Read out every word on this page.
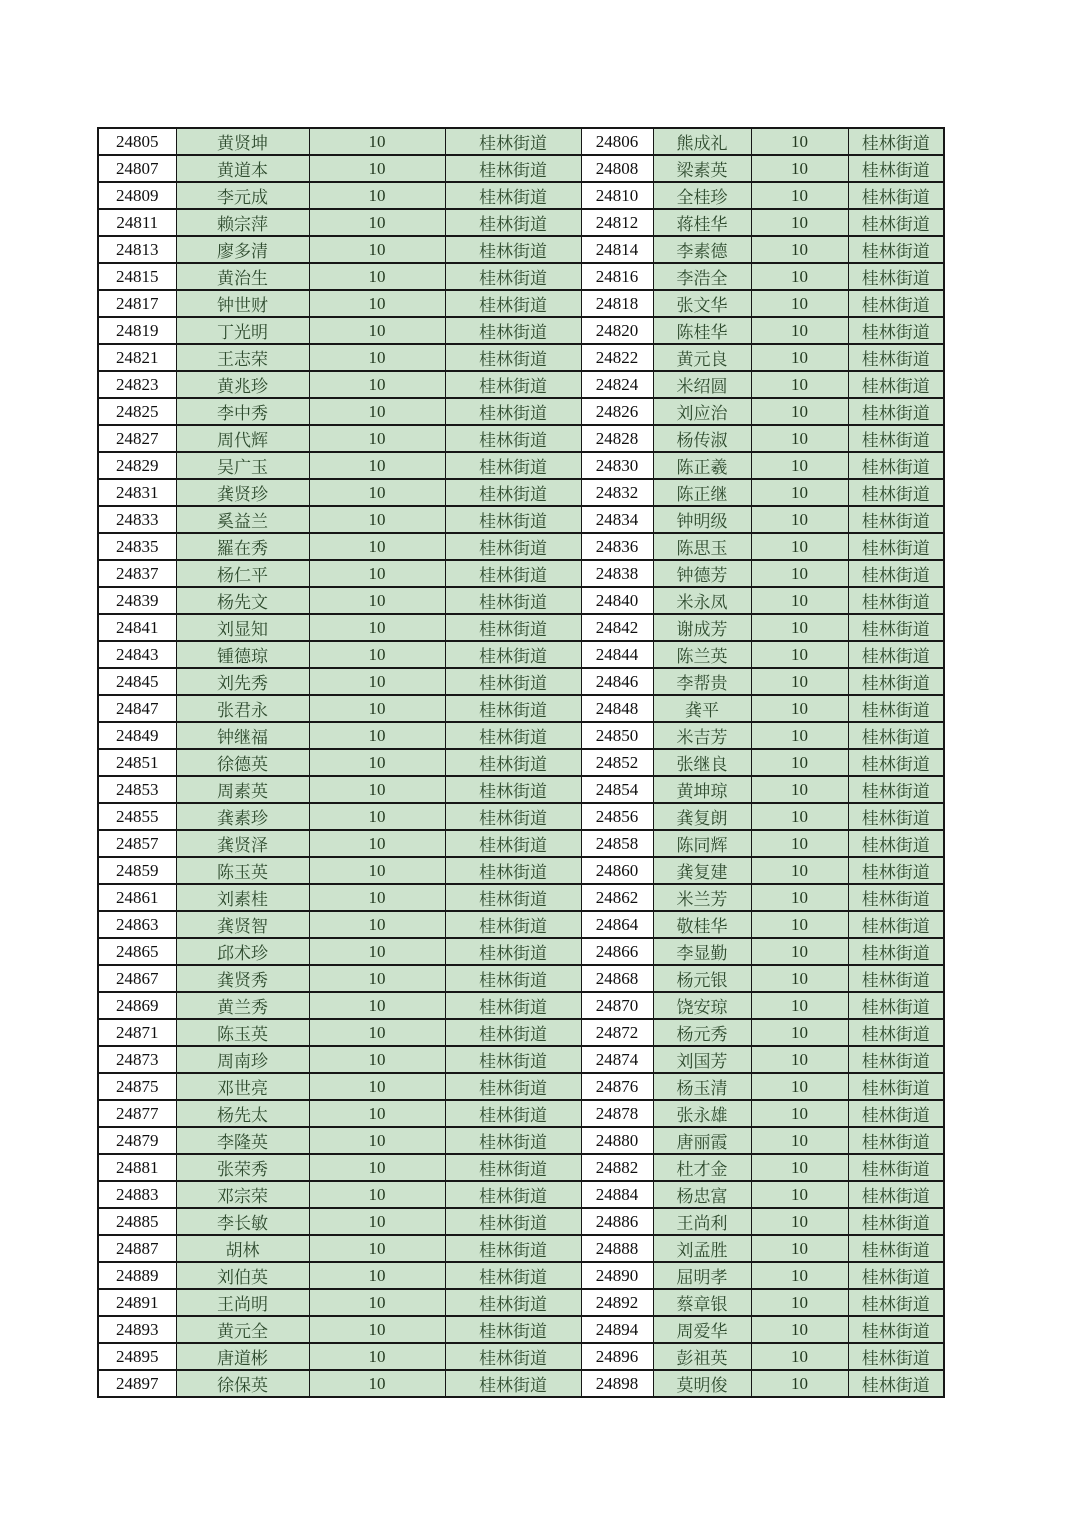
24805	黄贤坤	10	桂林街道	24806	熊成礼	10	桂林街道
24807	黄道本	10	桂林街道	24808	梁素英	10	桂林街道
24809	李元成	10	桂林街道	24810	全桂珍	10	桂林街道
24811	赖宗萍	10	桂林街道	24812	蒋桂华	10	桂林街道
24813	廖多清	10	桂林街道	24814	李素德	10	桂林街道
24815	黄治生	10	桂林街道	24816	李浩全	10	桂林街道
24817	钟世财	10	桂林街道	24818	张文华	10	桂林街道
24819	丁光明	10	桂林街道	24820	陈桂华	10	桂林街道
24821	王志荣	10	桂林街道	24822	黄元良	10	桂林街道
24823	黄兆珍	10	桂林街道	24824	米绍圆	10	桂林街道
24825	李中秀	10	桂林街道	24826	刘应治	10	桂林街道
24827	周代辉	10	桂林街道	24828	杨传淑	10	桂林街道
24829	吴广玉	10	桂林街道	24830	陈正羲	10	桂林街道
24831	龚贤珍	10	桂林街道	24832	陈正继	10	桂林街道
24833	奚益兰	10	桂林街道	24834	钟明级	10	桂林街道
24835	羅在秀	10	桂林街道	24836	陈思玉	10	桂林街道
24837	杨仁平	10	桂林街道	24838	钟德芳	10	桂林街道
24839	杨先文	10	桂林街道	24840	米永凤	10	桂林街道
24841	刘显知	10	桂林街道	24842	谢成芳	10	桂林街道
24843	锺德琼	10	桂林街道	24844	陈兰英	10	桂林街道
24845	刘先秀	10	桂林街道	24846	李帮贵	10	桂林街道
24847	张君永	10	桂林街道	24848	龚平	10	桂林街道
24849	钟继福	10	桂林街道	24850	米吉芳	10	桂林街道
24851	徐德英	10	桂林街道	24852	张继良	10	桂林街道
24853	周素英	10	桂林街道	24854	黄坤琼	10	桂林街道
24855	龚素珍	10	桂林街道	24856	龚复朗	10	桂林街道
24857	龚贤泽	10	桂林街道	24858	陈同辉	10	桂林街道
24859	陈玉英	10	桂林街道	24860	龚复建	10	桂林街道
24861	刘素桂	10	桂林街道	24862	米兰芳	10	桂林街道
24863	龚贤智	10	桂林街道	24864	敬桂华	10	桂林街道
24865	邱术珍	10	桂林街道	24866	李显勤	10	桂林街道
24867	龚贤秀	10	桂林街道	24868	杨元银	10	桂林街道
24869	黄兰秀	10	桂林街道	24870	饶安琼	10	桂林街道
24871	陈玉英	10	桂林街道	24872	杨元秀	10	桂林街道
24873	周南珍	10	桂林街道	24874	刘国芳	10	桂林街道
24875	邓世亮	10	桂林街道	24876	杨玉清	10	桂林街道
24877	杨先太	10	桂林街道	24878	张永雄	10	桂林街道
24879	李隆英	10	桂林街道	24880	唐丽霞	10	桂林街道
24881	张荣秀	10	桂林街道	24882	杜才金	10	桂林街道
24883	邓宗荣	10	桂林街道	24884	杨忠富	10	桂林街道
24885	李长敏	10	桂林街道	24886	王尚利	10	桂林街道
24887	胡林	10	桂林街道	24888	刘孟胜	10	桂林街道
24889	刘伯英	10	桂林街道	24890	屈明孝	10	桂林街道
24891	王尚明	10	桂林街道	24892	蔡章银	10	桂林街道
24893	黄元全	10	桂林街道	24894	周爱华	10	桂林街道
24895	唐道彬	10	桂林街道	24896	彭祖英	10	桂林街道
24897	徐保英	10	桂林街道	24898	莫明俊	10	桂林街道
